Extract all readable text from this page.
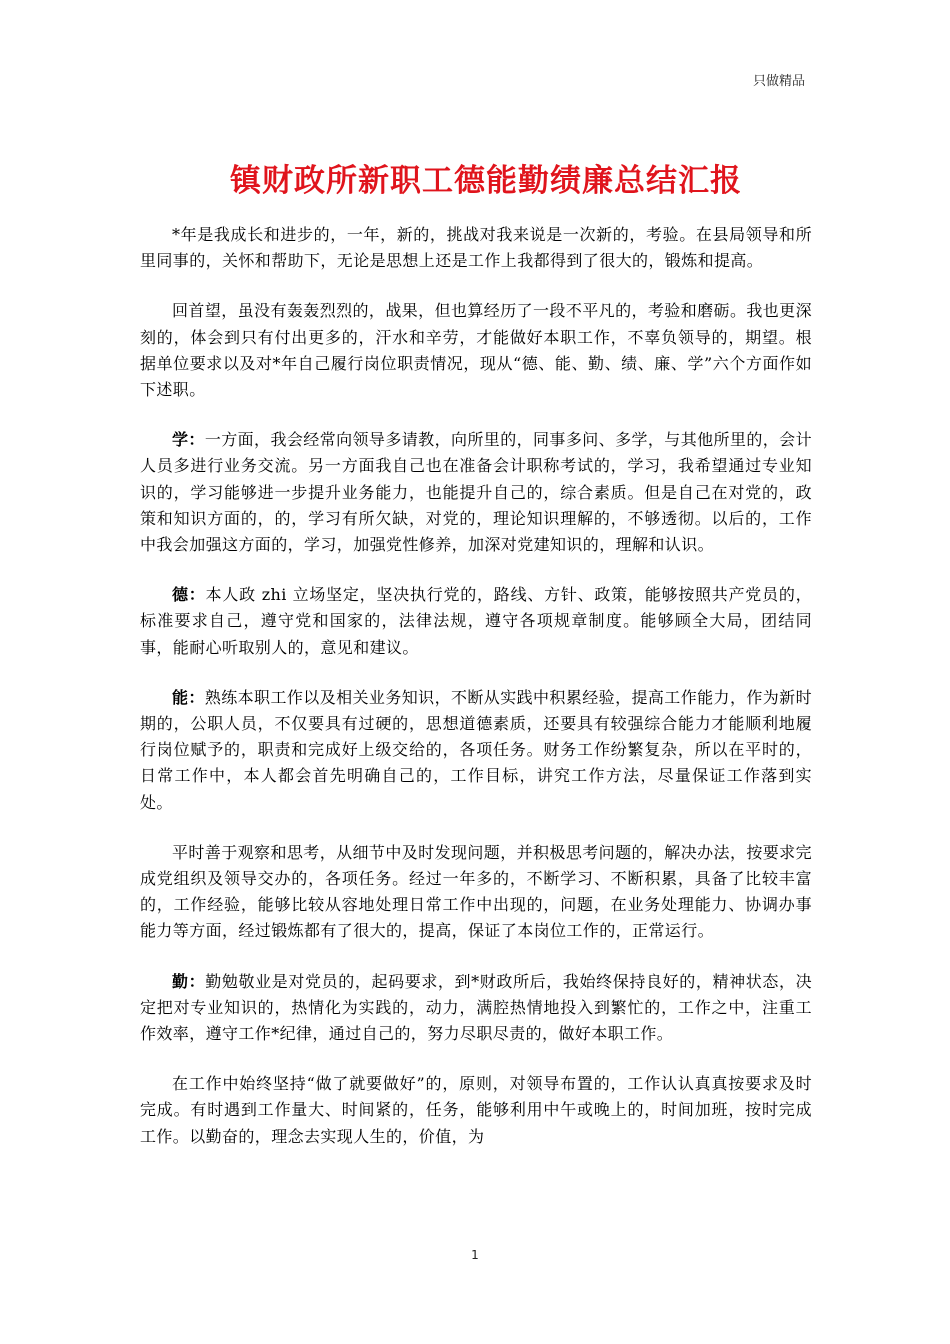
只做精品
镇财政所新职工德能勤绩廉总结汇报

*年是我成长和进步的，一年，新的，挑战对我来说是一次新的，考验。在县局领导和所里同事的，关怀和帮助下，无论是思想上还是工作上我都得到了很大的，锻炼和提高。

回首望，虽没有轰轰烈烈的，战果，但也算经历了一段不平凡的，考验和磨砺。我也更深刻的，体会到只有付出更多的，汗水和辛劳，才能做好本职工作，不辜负领导的，期望。根据单位要求以及对*年自己履行岗位职责情况，现从“德、能、勤、绩、廉、学”六个方面作如下述职。

学：一方面，我会经常向领导多请教，向所里的，同事多问、多学，与其他所里的，会计人员多进行业务交流。另一方面我自己也在准备会计职称考试的，学习，我希望通过专业知识的，学习能够进一步提升业务能力，也能提升自己的，综合素质。但是自己在对党的，政策和知识方面的，的，学习有所欠缺，对党的，理论知识理解的，不够透彻。以后的，工作中我会加强这方面的，学习，加强党性修养，加深对党建知识的，理解和认识。

德：本人政 zhi 立场坚定，坚决执行党的，路线、方针、政策，能够按照共产党员的，标准要求自己，遵守党和国家的，法律法规，遵守各项规章制度。能够顾全大局，团结同事，能耐心听取别人的，意见和建议。

能：熟练本职工作以及相关业务知识，不断从实践中积累经验，提高工作能力，作为新时期的，公职人员，不仅要具有过硬的，思想道德素质，还要具有较强综合能力才能顺利地履行岗位赋予的，职责和完成好上级交给的，各项任务。财务工作纷繁复杂，所以在平时的，日常工作中，本人都会首先明确自己的，工作目标，讲究工作方法，尽量保证工作落到实处。

平时善于观察和思考，从细节中及时发现问题，并积极思考问题的，解决办法，按要求完成党组织及领导交办的，各项任务。经过一年多的，不断学习、不断积累，具备了比较丰富的，工作经验，能够比较从容地处理日常工作中出现的，问题，在业务处理能力、协调办事能力等方面，经过锻炼都有了很大的，提高，保证了本岗位工作的，正常运行。

勤：勤勉敬业是对党员的，起码要求，到*财政所后，我始终保持良好的，精神状态，决定把对专业知识的，热情化为实践的，动力，满腔热情地投入到繁忙的，工作之中，注重工作效率，遵守工作*纪律，通过自己的，努力尽职尽责的，做好本职工作。

在工作中始终坚持“做了就要做好”的，原则，对领导布置的，工作认认真真按要求及时完成。有时遇到工作量大、时间紧的，任务，能够利用中午或晚上的，时间加班，按时完成工作。以勤奋的，理念去实现人生的，价值，为

1
